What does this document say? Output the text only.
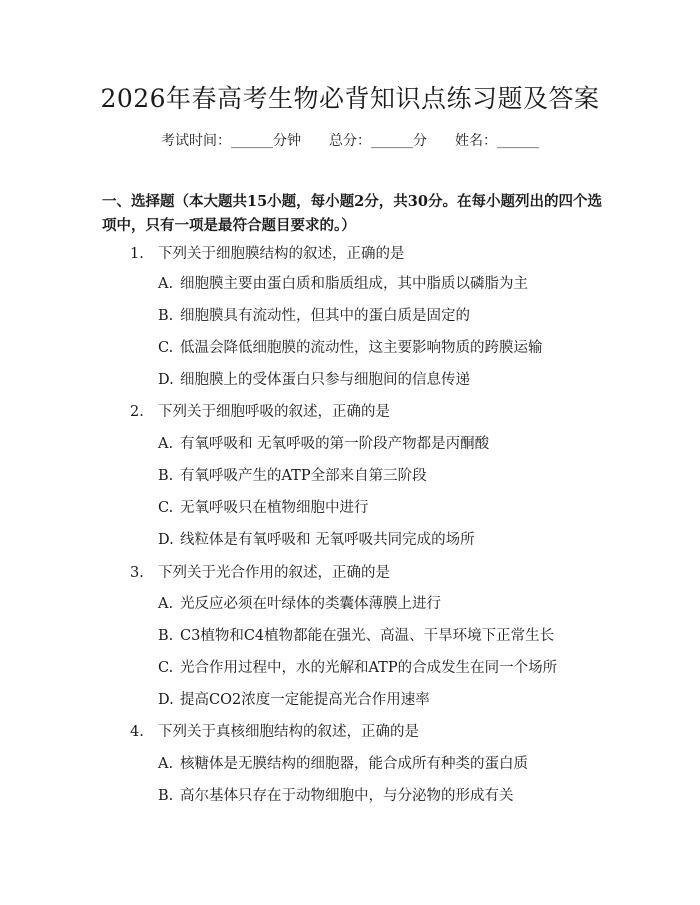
2026年春高考生物必背知识点练习题及答案
考试时间：______分钟 总分：______分 姓名：______
一、选择题（本大题共15小题，每小题2分，共30分。在每小题列出的四个选项中，只有一项是最符合题目要求的。）
1. 下列关于细胞膜结构的叙述，正确的是
A. 细胞膜主要由蛋白质和脂质组成，其中脂质以磷脂为主
B. 细胞膜具有流动性，但其中的蛋白质是固定的
C. 低温会降低细胞膜的流动性，这主要影响物质的跨膜运输
D. 细胞膜上的受体蛋白只参与细胞间的信息传递
2. 下列关于细胞呼吸的叙述，正确的是
A. 有氧呼吸和 无氧呼吸的第一阶段产物都是丙酮酸
B. 有氧呼吸产生的ATP全部来自第三阶段
C. 无氧呼吸只在植物细胞中进行
D. 线粒体是有氧呼吸和 无氧呼吸共同完成的场所
3. 下列关于光合作用的叙述，正确的是
A. 光反应必须在叶绿体的类囊体薄膜上进行
B. C3植物和C4植物都能在强光、高温、干旱环境下正常生长
C. 光合作用过程中，水的光解和ATP的合成发生在同一个场所
D. 提高CO2浓度一定能提高光合作用速率
4. 下列关于真核细胞结构的叙述，正确的是
A. 核糖体是无膜结构的细胞器，能合成所有种类的蛋白质
B. 高尔基体只存在于动物细胞中，与分泌物的形成有关
